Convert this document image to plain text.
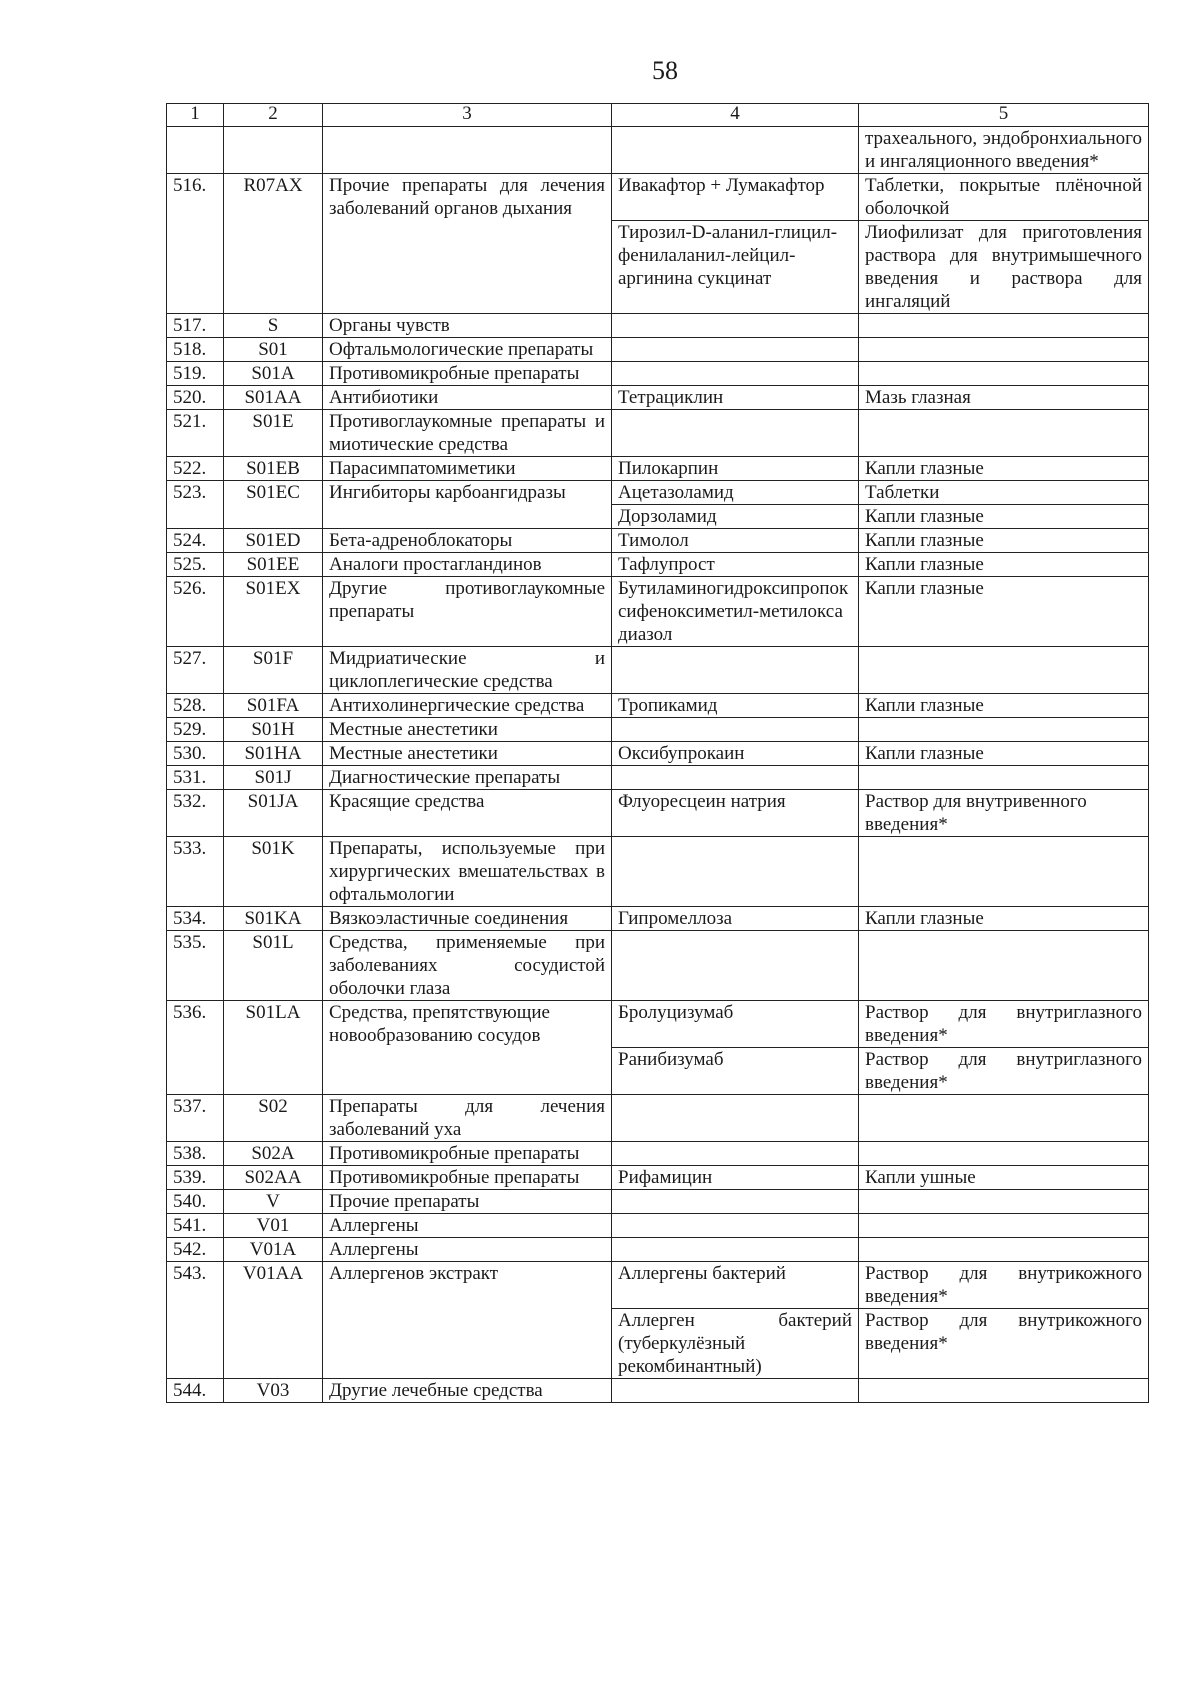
58
1	2	3	4	5
				трахеального, эндобронхиального и ингаляционного введения*
516.	R07AX	Прочие препараты для лечения заболеваний органов дыхания	Ивакафтор + Лумакафтор	Таблетки, покрытые плёночной оболочкой
			Тирозил-D-аланил-глицил-фенилаланил-лейцил-аргинина сукцинат	Лиофилизат для приготовления раствора для внутримышечного введения и раствора для ингаляций
517.	S	Органы чувств		
518.	S01	Офтальмологические препараты		
519.	S01A	Противомикробные препараты		
520.	S01AA	Антибиотики	Тетрациклин	Мазь глазная
521.	S01E	Противоглаукомные препараты и миотические средства		
522.	S01EB	Парасимпатомиметики	Пилокарпин	Капли глазные
523.	S01EC	Ингибиторы карбоангидразы	Ацетазоламид	Таблетки
			Дорзоламид	Капли глазные
524.	S01ED	Бета-адреноблокаторы	Тимолол	Капли глазные
525.	S01EE	Аналоги простагландинов	Тафлупрост	Капли глазные
526.	S01EX	Другие противоглаукомные препараты	Бутиламиногидроксипропоксифеноксиметил-метилоксадиазол	Капли глазные
527.	S01F	Мидриатические и циклоплегические средства		
528.	S01FA	Антихолинергические средства	Тропикамид	Капли глазные
529.	S01H	Местные анестетики		
530.	S01HA	Местные анестетики	Оксибупрокаин	Капли глазные
531.	S01J	Диагностические препараты		
532.	S01JA	Красящие средства	Флуоресцеин натрия	Раствор для внутривенного введения*
533.	S01K	Препараты, используемые при хирургических вмешательствах в офтальмологии		
534.	S01KA	Вязкоэластичные соединения	Гипромеллоза	Капли глазные
535.	S01L	Средства, применяемые при заболеваниях сосудистой оболочки глаза		
536.	S01LA	Средства, препятствующие новообразованию сосудов	Бролуцизумаб	Раствор для внутриглазного введения*
			Ранибизумаб	Раствор для внутриглазного введения*
537.	S02	Препараты для лечения заболеваний уха		
538.	S02A	Противомикробные препараты		
539.	S02AA	Противомикробные препараты	Рифамицин	Капли ушные
540.	V	Прочие препараты		
541.	V01	Аллергены		
542.	V01A	Аллергены		
543.	V01AA	Аллергенов экстракт	Аллергены бактерий	Раствор для внутрикожного введения*
			Аллерген бактерий (туберкулёзный рекомбинантный)	Раствор для внутрикожного введения*
544.	V03	Другие лечебные средства		
